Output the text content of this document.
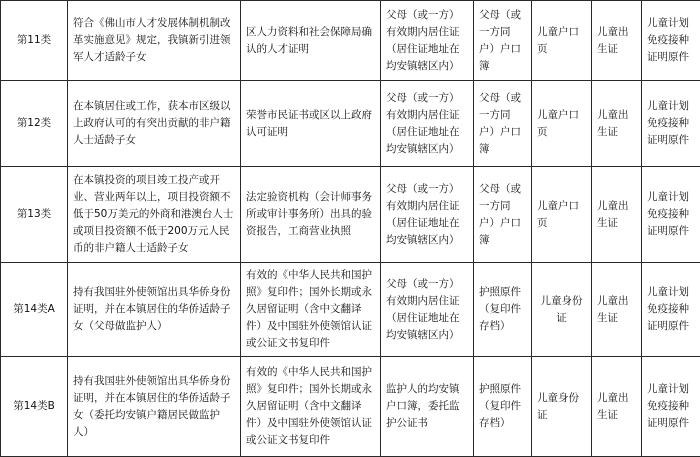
第11类	符合《佛山市人才发展体制机制改革实施意见》规定，我镇新引进领军人才适龄子女	区人力资料和社会保障局确认的人才证明	父母（或一方）有效期内居住证（居住证地址在均安镇辖区内）	父母（或一方同户）户口簿	儿童户口页	儿童出生证	儿童计划免疫接种证明原件
第12类	在本镇居住或工作，获本市区级以上政府认可的有突出贡献的非户籍人士适龄子女	荣誉市民证书或区以上政府认可证明	父母（或一方）有效期内居住证（居住证地址在均安镇辖区内）	父母（或一方同户）户口簿	儿童户口页	儿童出生证	儿童计划免疫接种证明原件
第13类	在本镇投资的项目竣工投产或开业、营业两年以上，项目投资额不低于50万美元的外商和港澳台人士或项目投资额不低于200万元人民币的非户籍人士适龄子女	法定验资机构（会计师事务所或审计事务所）出具的验资报告，工商营业执照	父母（或一方）有效期内居住证（居住证地址在均安镇辖区内）	父母（或一方同户）户口簿	儿童户口页	儿童出生证	儿童计划免疫接种证明原件
第14类A	持有我国驻外使领馆出具华侨身份证明，并在本镇居住的华侨适龄子女（父母做监护人）	有效的《中华人民共和国护照》复印件；国外长期或永久居留证明（含中文翻译件）及中国驻外使领馆认证或公证文书复印件	父母（或一方）有效期内居住证（居住证地址在均安镇辖区内）	护照原件（复印件存档）	儿童身份证	儿童出生证	儿童计划免疫接种证明原件
第14类B	持有我国驻外使领馆出具华侨身份证明，并在本镇居住的华侨适龄子女（委托均安镇户籍居民做监护人）	有效的《中华人民共和国护照》复印件；国外长期或永久居留证明（含中文翻译件）及中国驻外使领馆认证或公证文书复印件	监护人的均安镇户口簿，委托监护公证书	护照原件（复印件存档）	儿童身份证	儿童出生证	儿童计划免疫接种证明原件
